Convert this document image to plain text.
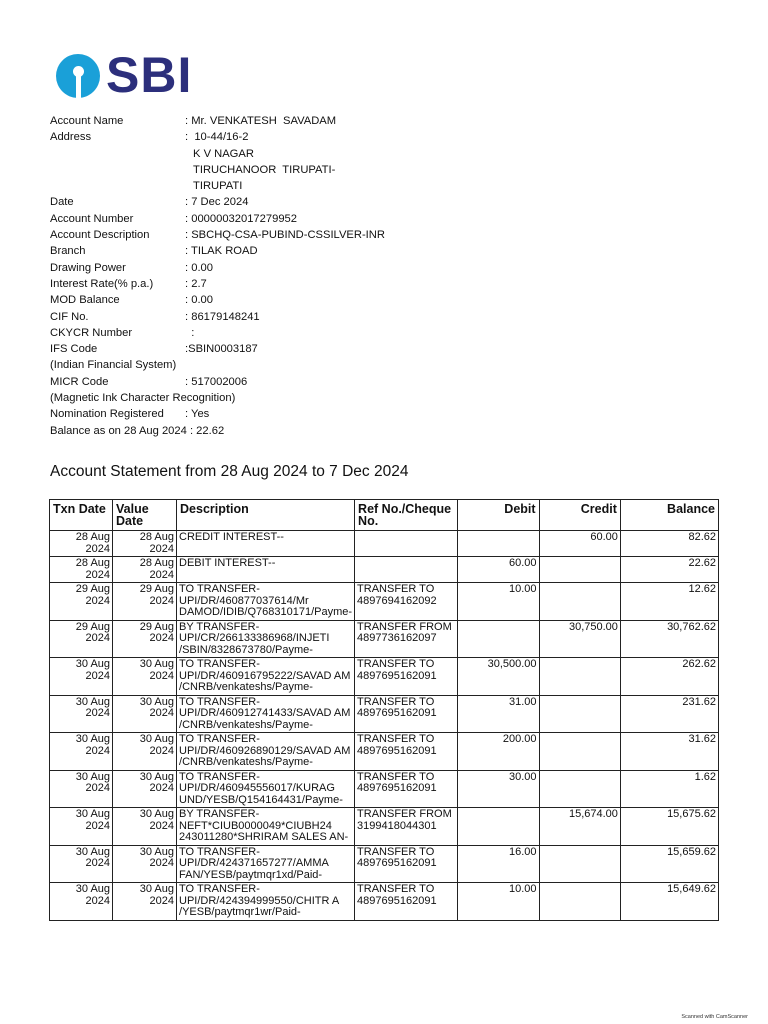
SBI
Account Name	: Mr. VENKATESH  SAVADAM
Address	:  10-44/16-2
K V NAGAR
TIRUCHANOOR  TIRUPATI-
TIRUPATI
Date	: 7 Dec 2024
Account Number	: 00000032017279952
Account Description	: SBCHQ-CSA-PUBIND-CSSILVER-INR
Branch	: TILAK ROAD
Drawing Power	: 0.00
Interest Rate(% p.a.)	: 2.7
MOD Balance	: 0.00
CIF No.	: 86179148241
CKYCR Number	:
IFS Code	:SBIN0003187
(Indian Financial System)
MICR Code	: 517002006
(Magnetic Ink Character Recognition)
Nomination Registered : Yes
Balance as on 28 Aug 2024 : 22.62
Account Statement from 28 Aug 2024 to 7 Dec 2024
Txn Date	Value Date	Description	Ref No./Cheque No.	Debit	Credit	Balance
28 Aug 2024	28 Aug 2024	CREDIT INTEREST--			60.00	82.62
28 Aug 2024	28 Aug 2024	DEBIT INTEREST--		60.00		22.62
29 Aug 2024	29 Aug 2024	TO TRANSFER-
UPI/DR/460877037614/Mr DAMOD/IDIB/Q768310171/Payme-	TRANSFER TO 4897694162092	10.00		12.62
29 Aug 2024	29 Aug 2024	BY TRANSFER-
UPI/CR/266133386968/INJETI /SBIN/8328673780/Payme-	TRANSFER FROM 4897736162097		30,750.00	30,762.62
30 Aug 2024	30 Aug 2024	TO TRANSFER-
UPI/DR/460916795222/SAVAD AM /CNRB/venkateshs/Payme-	TRANSFER TO 4897695162091	30,500.00		262.62
30 Aug 2024	30 Aug 2024	TO TRANSFER-
UPI/DR/460912741433/SAVAD AM /CNRB/venkateshs/Payme-	TRANSFER TO 4897695162091	31.00		231.62
30 Aug 2024	30 Aug 2024	TO TRANSFER-
UPI/DR/460926890129/SAVAD AM /CNRB/venkateshs/Payme-	TRANSFER TO 4897695162091	200.00		31.62
30 Aug 2024	30 Aug 2024	TO TRANSFER-
UPI/DR/460945556017/KURAG UND/YESB/Q154164431/Payme-	TRANSFER TO 4897695162091	30.00		1.62
30 Aug 2024	30 Aug 2024	BY TRANSFER-
NEFT*CIUB0000049*CIUBH24 243011280*SHRIRAM SALES AN-	TRANSFER FROM 3199418044301		15,674.00	15,675.62
30 Aug 2024	30 Aug 2024	TO TRANSFER-
UPI/DR/424371657277/AMMA FAN/YESB/paytmqr1xd/Paid-	TRANSFER TO 4897695162091	16.00		15,659.62
30 Aug 2024	30 Aug 2024	TO TRANSFER-
UPI/DR/424394999550/CHITR A /YESB/paytmqr1wr/Paid-	TRANSFER TO 4897695162091	10.00		15,649.62
Scanned with CamScanner
